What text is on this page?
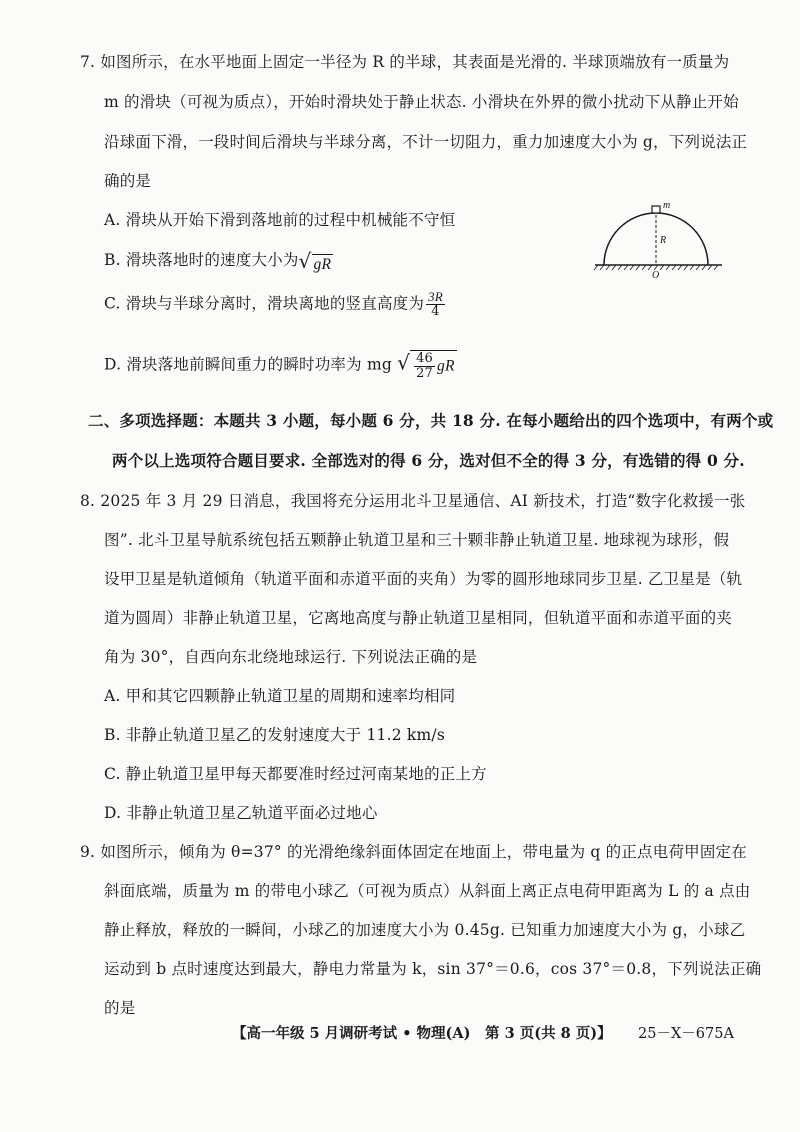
7. 如图所示，在水平地面上固定一半径为 R 的半球，其表面是光滑的. 半球顶端放有一质量为
m 的滑块（可视为质点），开始时滑块处于静止状态. 小滑块在外界的微小扰动下从静止开始
沿球面下滑，一段时间后滑块与半球分离，不计一切阻力，重力加速度大小为 g，下列说法正
确的是
A. 滑块从开始下滑到落地前的过程中机械能不守恒
B. 滑块落地时的速度大小为√ gR
C. 滑块与半球分离时，滑块离地的竖直高度为 $\frac{3R}{4}$
D. 滑块落地前瞬间重力的瞬时功率为 mg √ $\frac{46}{27}$ gR
m
R
O
二、多项选择题：本题共 3 小题，每小题 6 分，共 18 分. 在每小题给出的四个选项中，有两个或
两个以上选项符合题目要求. 全部选对的得 6 分，选对但不全的得 3 分，有选错的得 0 分.
8. 2025 年 3 月 29 日消息，我国将充分运用北斗卫星通信、AI 新技术，打造“数字化救援一张
图”. 北斗卫星导航系统包括五颗静止轨道卫星和三十颗非静止轨道卫星. 地球视为球形，假
设甲卫星是轨道倾角（轨道平面和赤道平面的夹角）为零的圆形地球同步卫星. 乙卫星是（轨
道为圆周）非静止轨道卫星，它离地高度与静止轨道卫星相同，但轨道平面和赤道平面的夹
角为 30°，自西向东北绕地球运行. 下列说法正确的是
A. 甲和其它四颗静止轨道卫星的周期和速率均相同
B. 非静止轨道卫星乙的发射速度大于 11.2 km/s
C. 静止轨道卫星甲每天都要准时经过河南某地的正上方
D. 非静止轨道卫星乙轨道平面必过地心
9. 如图所示，倾角为 θ=37° 的光滑绝缘斜面体固定在地面上，带电量为 q 的正点电荷甲固定在
斜面底端，质量为 m 的带电小球乙（可视为质点）从斜面上离正点电荷甲距离为 L 的 a 点由
静止释放，释放的一瞬间，小球乙的加速度大小为 0.45g. 已知重力加速度大小为 g，小球乙
运动到 b 点时速度达到最大，静电力常量为 k，sin 37°＝0.6，cos 37°＝0.8，下列说法正确
的是
【高一年级 5 月调研考试 • 物理(A)　第 3 页(共 8 页)】 25－X－675A
